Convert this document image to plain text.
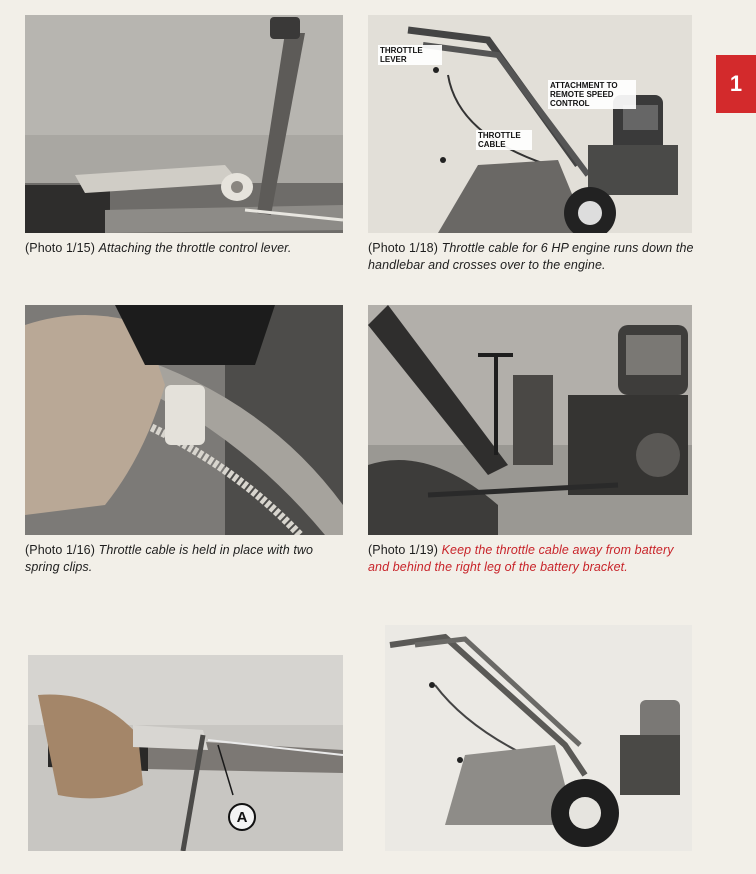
1

(Photo 1/15) Attaching the throttle control lever.

THROTTLE LEVER
ATTACHMENT TO REMOTE SPEED CONTROL
THROTTLE CABLE

(Photo 1/18) Throttle cable for 6 HP engine runs down the handlebar and crosses over to the engine.

(Photo 1/16) Throttle cable is held in place with two spring clips.

(Photo 1/19) Keep the throttle cable away from battery and behind the right leg of the battery bracket.

A
